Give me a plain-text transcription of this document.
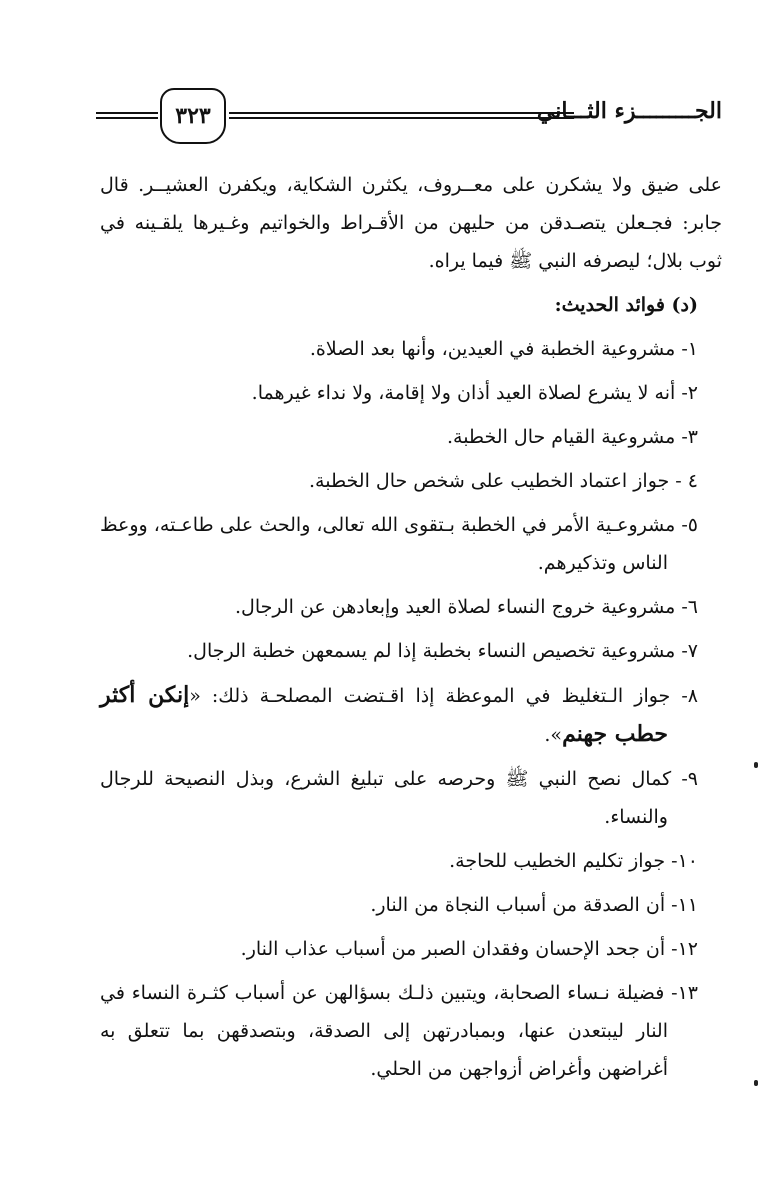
٣٢٣	الجـــــــــزء الثـــاني

على ضيق ولا يشكرن على معــروف، يكثرن الشكاية، ويكفرن العشيــر. قال جابر: فجـعلن يتصـدقن من حليهن من الأقـراط والخواتيم وغـيرها يلقـينه في ثوب بلال؛ ليصرفه النبي ﷺ فيما يراه.

(د) فوائد الحديث:

١- مشروعية الخطبة في العيدين، وأنها بعد الصلاة.

٢- أنه لا يشرع لصلاة العيد أذان ولا إقامة، ولا نداء غيرهما.

٣- مشروعية القيام حال الخطبة.

٤ - جواز اعتماد الخطيب على شخص حال الخطبة.

٥- مشروعـية الأمر في الخطبة بـتقوى الله تعالى، والحث على طاعـته، ووعظ الناس وتذكيرهم.

٦- مشروعية خروج النساء لصلاة العيد وإبعادهن عن الرجال.

٧- مشروعية تخصيص النساء بخطبة إذا لم يسمعهن خطبة الرجال.

٨- جواز الـتغليظ في الموعظة إذا اقـتضت المصلحـة ذلك: «إنكن أكثر حطب جهنم».

٩- كمال نصح النبي ﷺ وحرصه على تبليغ الشرع، وبذل النصيحة للرجال والنساء.

١٠- جواز تكليم الخطيب للحاجة.

١١- أن الصدقة من أسباب النجاة من النار.

١٢- أن جحد الإحسان وفقدان الصبر من أسباب عذاب النار.

١٣- فضيلة نـساء الصحابة، ويتبين ذلـك بسؤالهن عن أسباب كثـرة النساء في النار ليبتعدن عنها، وبمبادرتهن إلى الصدقة، وبتصدقهن بما تتعلق به أغراضهن وأغراض أزواجهن من الحلي.
